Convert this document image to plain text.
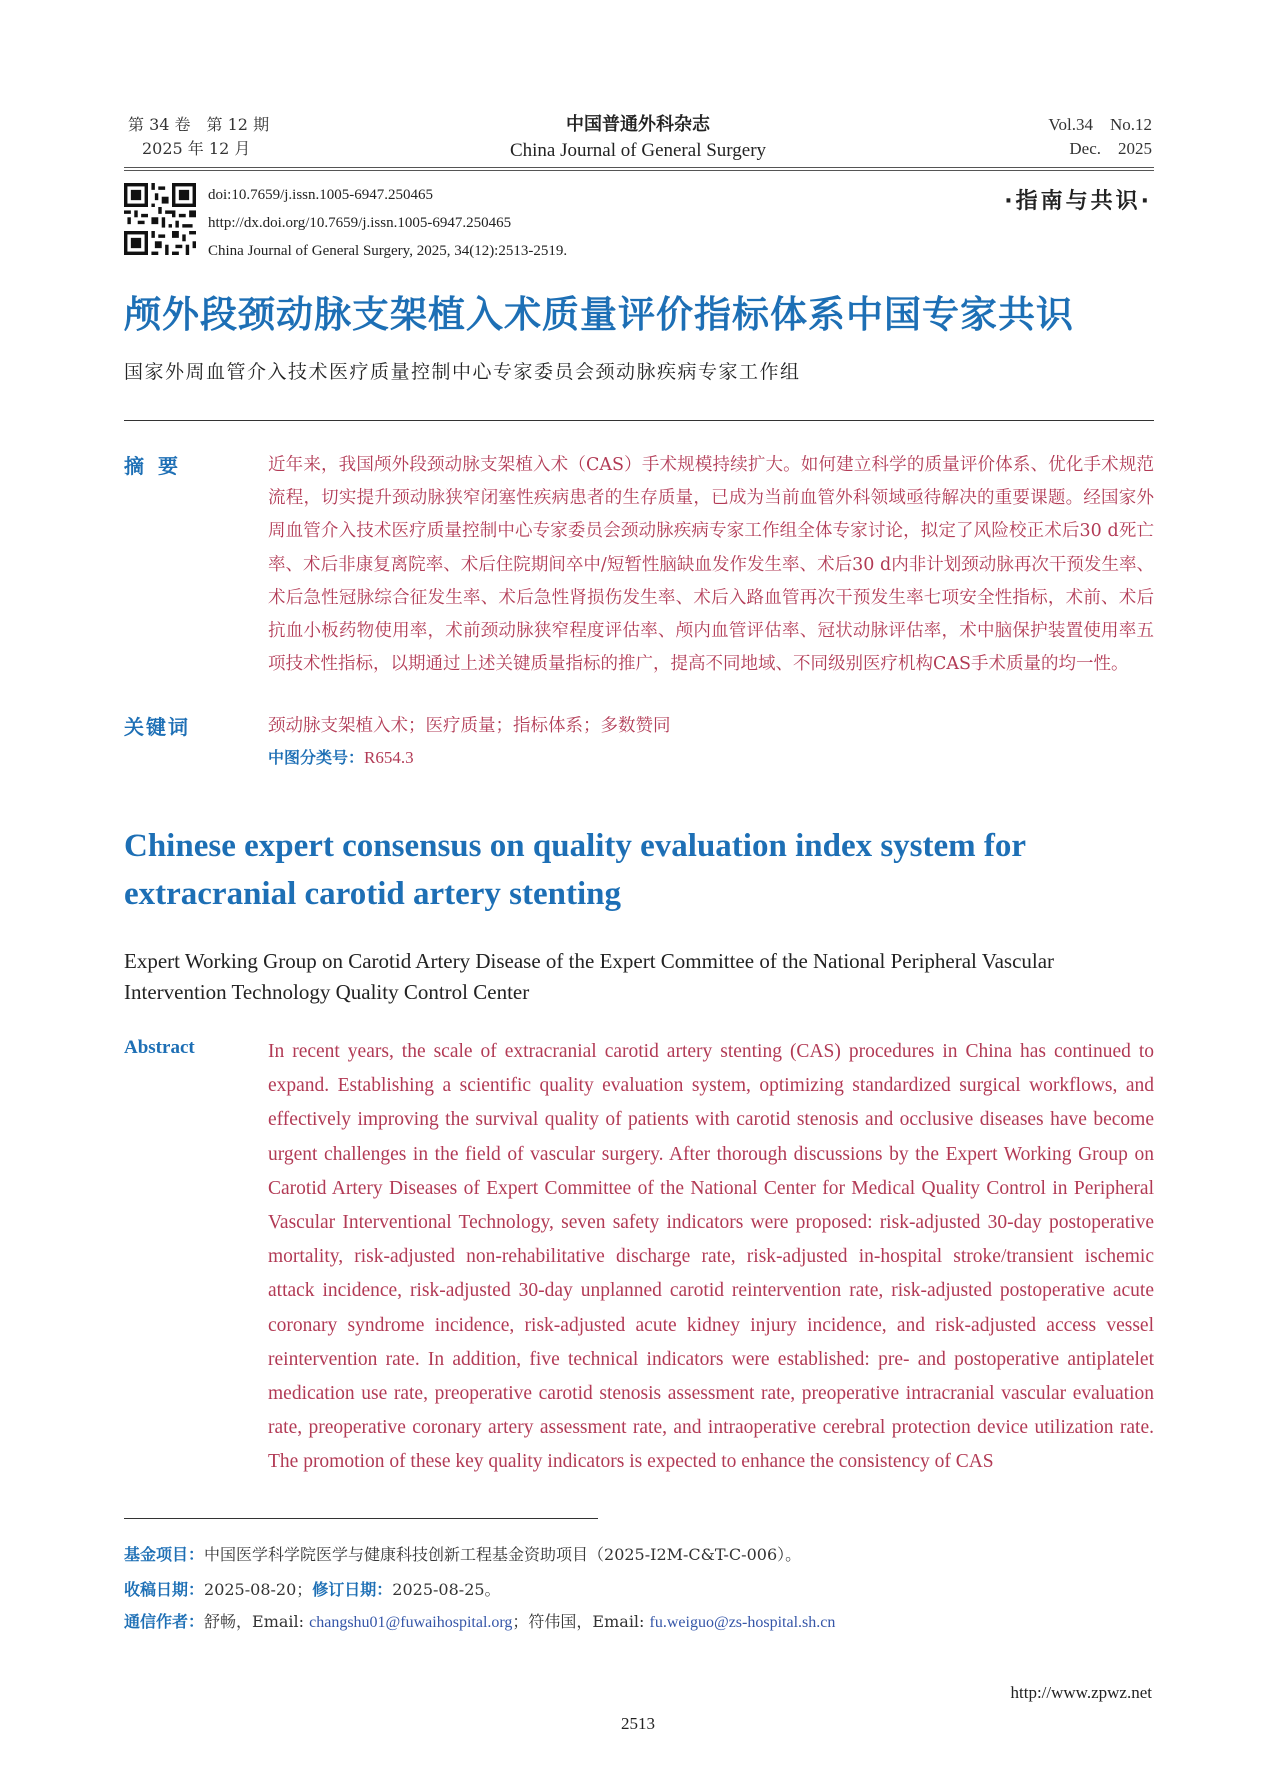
第 34 卷　第 12 期
2025 年 12 月
中国普通外科杂志
China Journal of General Surgery
Vol.34　No.12
Dec.　2025
doi:10.7659/j.issn.1005-6947.250465
http://dx.doi.org/10.7659/j.issn.1005-6947.250465
China Journal of General Surgery, 2025, 34(12):2513-2519.
·指南与共识·
颅外段颈动脉支架植入术质量评价指标体系中国专家共识
国家外周血管介入技术医疗质量控制中心专家委员会颈动脉疾病专家工作组
摘要	近年来，我国颅外段颈动脉支架植入术（CAS）手术规模持续扩大。如何建立科学的质量评价体系、优化手术规范流程，切实提升颈动脉狭窄闭塞性疾病患者的生存质量，已成为当前血管外科领域亟待解决的重要课题。经国家外周血管介入技术医疗质量控制中心专家委员会颈动脉疾病专家工作组全体专家讨论，拟定了风险校正术后30 d死亡率、术后非康复离院率、术后住院期间卒中/短暂性脑缺血发作发生率、术后30 d内非计划颈动脉再次干预发生率、术后急性冠脉综合征发生率、术后急性肾损伤发生率、术后入路血管再次干预发生率七项安全性指标，术前、术后抗血小板药物使用率，术前颈动脉狭窄程度评估率、颅内血管评估率、冠状动脉评估率，术中脑保护装置使用率五项技术性指标，以期通过上述关键质量指标的推广，提高不同地域、不同级别医疗机构CAS手术质量的均一性。
关键词	颈动脉支架植入术；医疗质量；指标体系；多数赞同
中图分类号：R654.3
Chinese expert consensus on quality evaluation index system for extracranial carotid artery stenting
Expert Working Group on Carotid Artery Disease of the Expert Committee of the National Peripheral Vascular Intervention Technology Quality Control Center
Abstract	In recent years, the scale of extracranial carotid artery stenting (CAS) procedures in China has continued to expand. Establishing a scientific quality evaluation system, optimizing standardized surgical workflows, and effectively improving the survival quality of patients with carotid stenosis and occlusive diseases have become urgent challenges in the field of vascular surgery. After thorough discussions by the Expert Working Group on Carotid Artery Diseases of Expert Committee of the National Center for Medical Quality Control in Peripheral Vascular Interventional Technology, seven safety indicators were proposed: risk-adjusted 30-day postoperative mortality, risk-adjusted non-rehabilitative discharge rate, risk-adjusted in-hospital stroke/transient ischemic attack incidence, risk-adjusted 30-day unplanned carotid reintervention rate, risk-adjusted postoperative acute coronary syndrome incidence, risk-adjusted acute kidney injury incidence, and risk-adjusted access vessel reintervention rate. In addition, five technical indicators were established: pre- and postoperative antiplatelet medication use rate, preoperative carotid stenosis assessment rate, preoperative intracranial vascular evaluation rate, preoperative coronary artery assessment rate, and intraoperative cerebral protection device utilization rate. The promotion of these key quality indicators is expected to enhance the consistency of CAS
基金项目：中国医学科学院医学与健康科技创新工程基金资助项目（2025-I2M-C&T-C-006）。
收稿日期：2025-08-20；修订日期：2025-08-25。
通信作者：舒畅，Email: changshu01@fuwaihospital.org；符伟国，Email: fu.weiguo@zs-hospital.sh.cn
http://www.zpwz.net
2513
